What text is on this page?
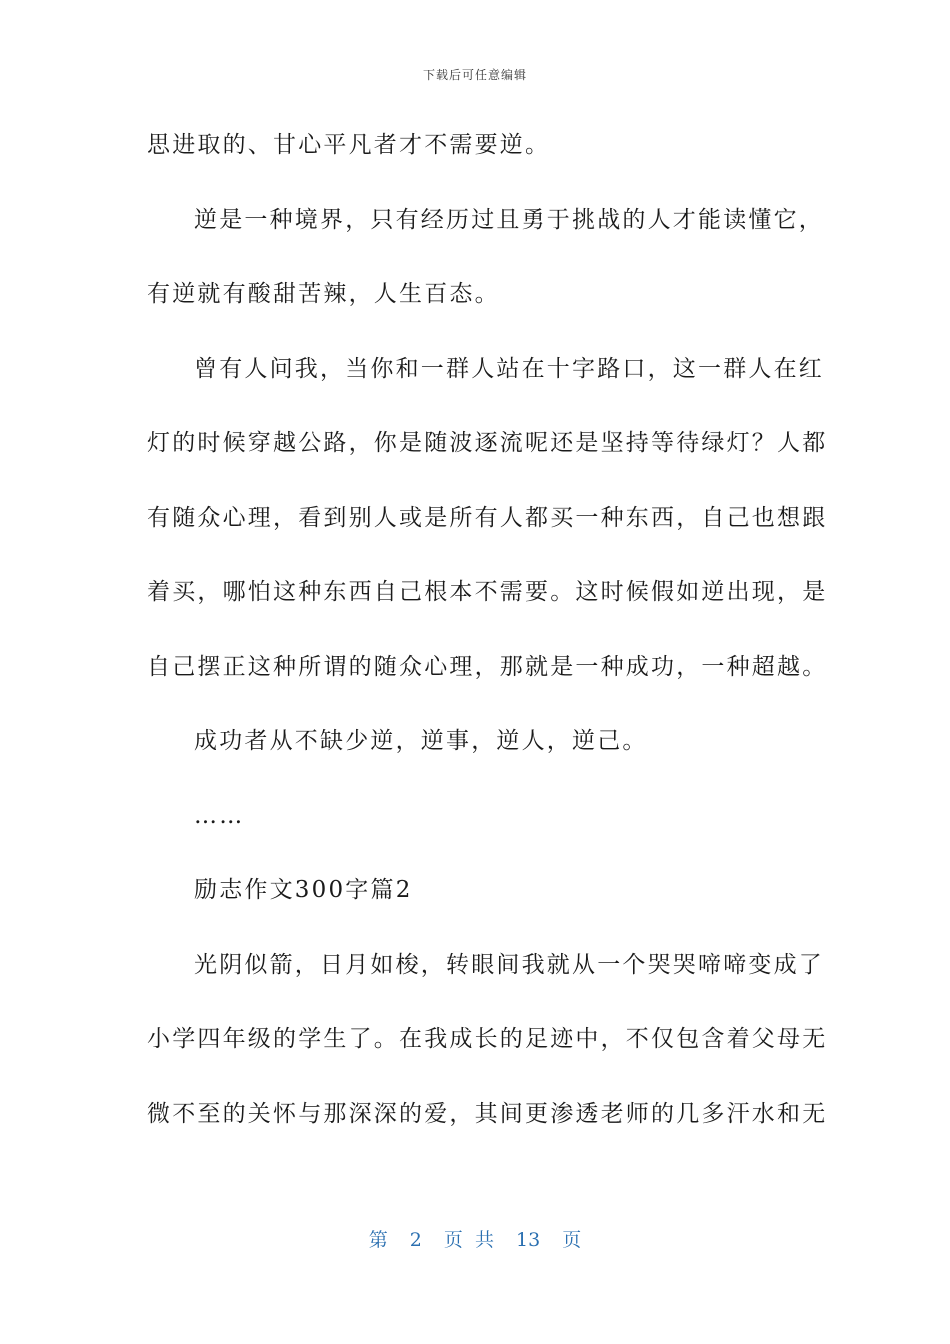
下载后可任意编辑
思进取的、甘心平凡者才不需要逆。
逆是一种境界，只有经历过且勇于挑战的人才能读懂它，
有逆就有酸甜苦辣，人生百态。
曾有人问我，当你和一群人站在十字路口，这一群人在红
灯的时候穿越公路，你是随波逐流呢还是坚持等待绿灯？人都
有随众心理，看到别人或是所有人都买一种东西，自己也想跟
着买，哪怕这种东西自己根本不需要。这时候假如逆出现，是
自己摆正这种所谓的随众心理，那就是一种成功，一种超越。
成功者从不缺少逆，逆事，逆人，逆己。
……
励志作文300字篇2
光阴似箭，日月如梭，转眼间我就从一个哭哭啼啼变成了
小学四年级的学生了。在我成长的足迹中，不仅包含着父母无
微不至的关怀与那深深的爱，其间更渗透老师的几多汗水和无
第 2 页 共 13 页
